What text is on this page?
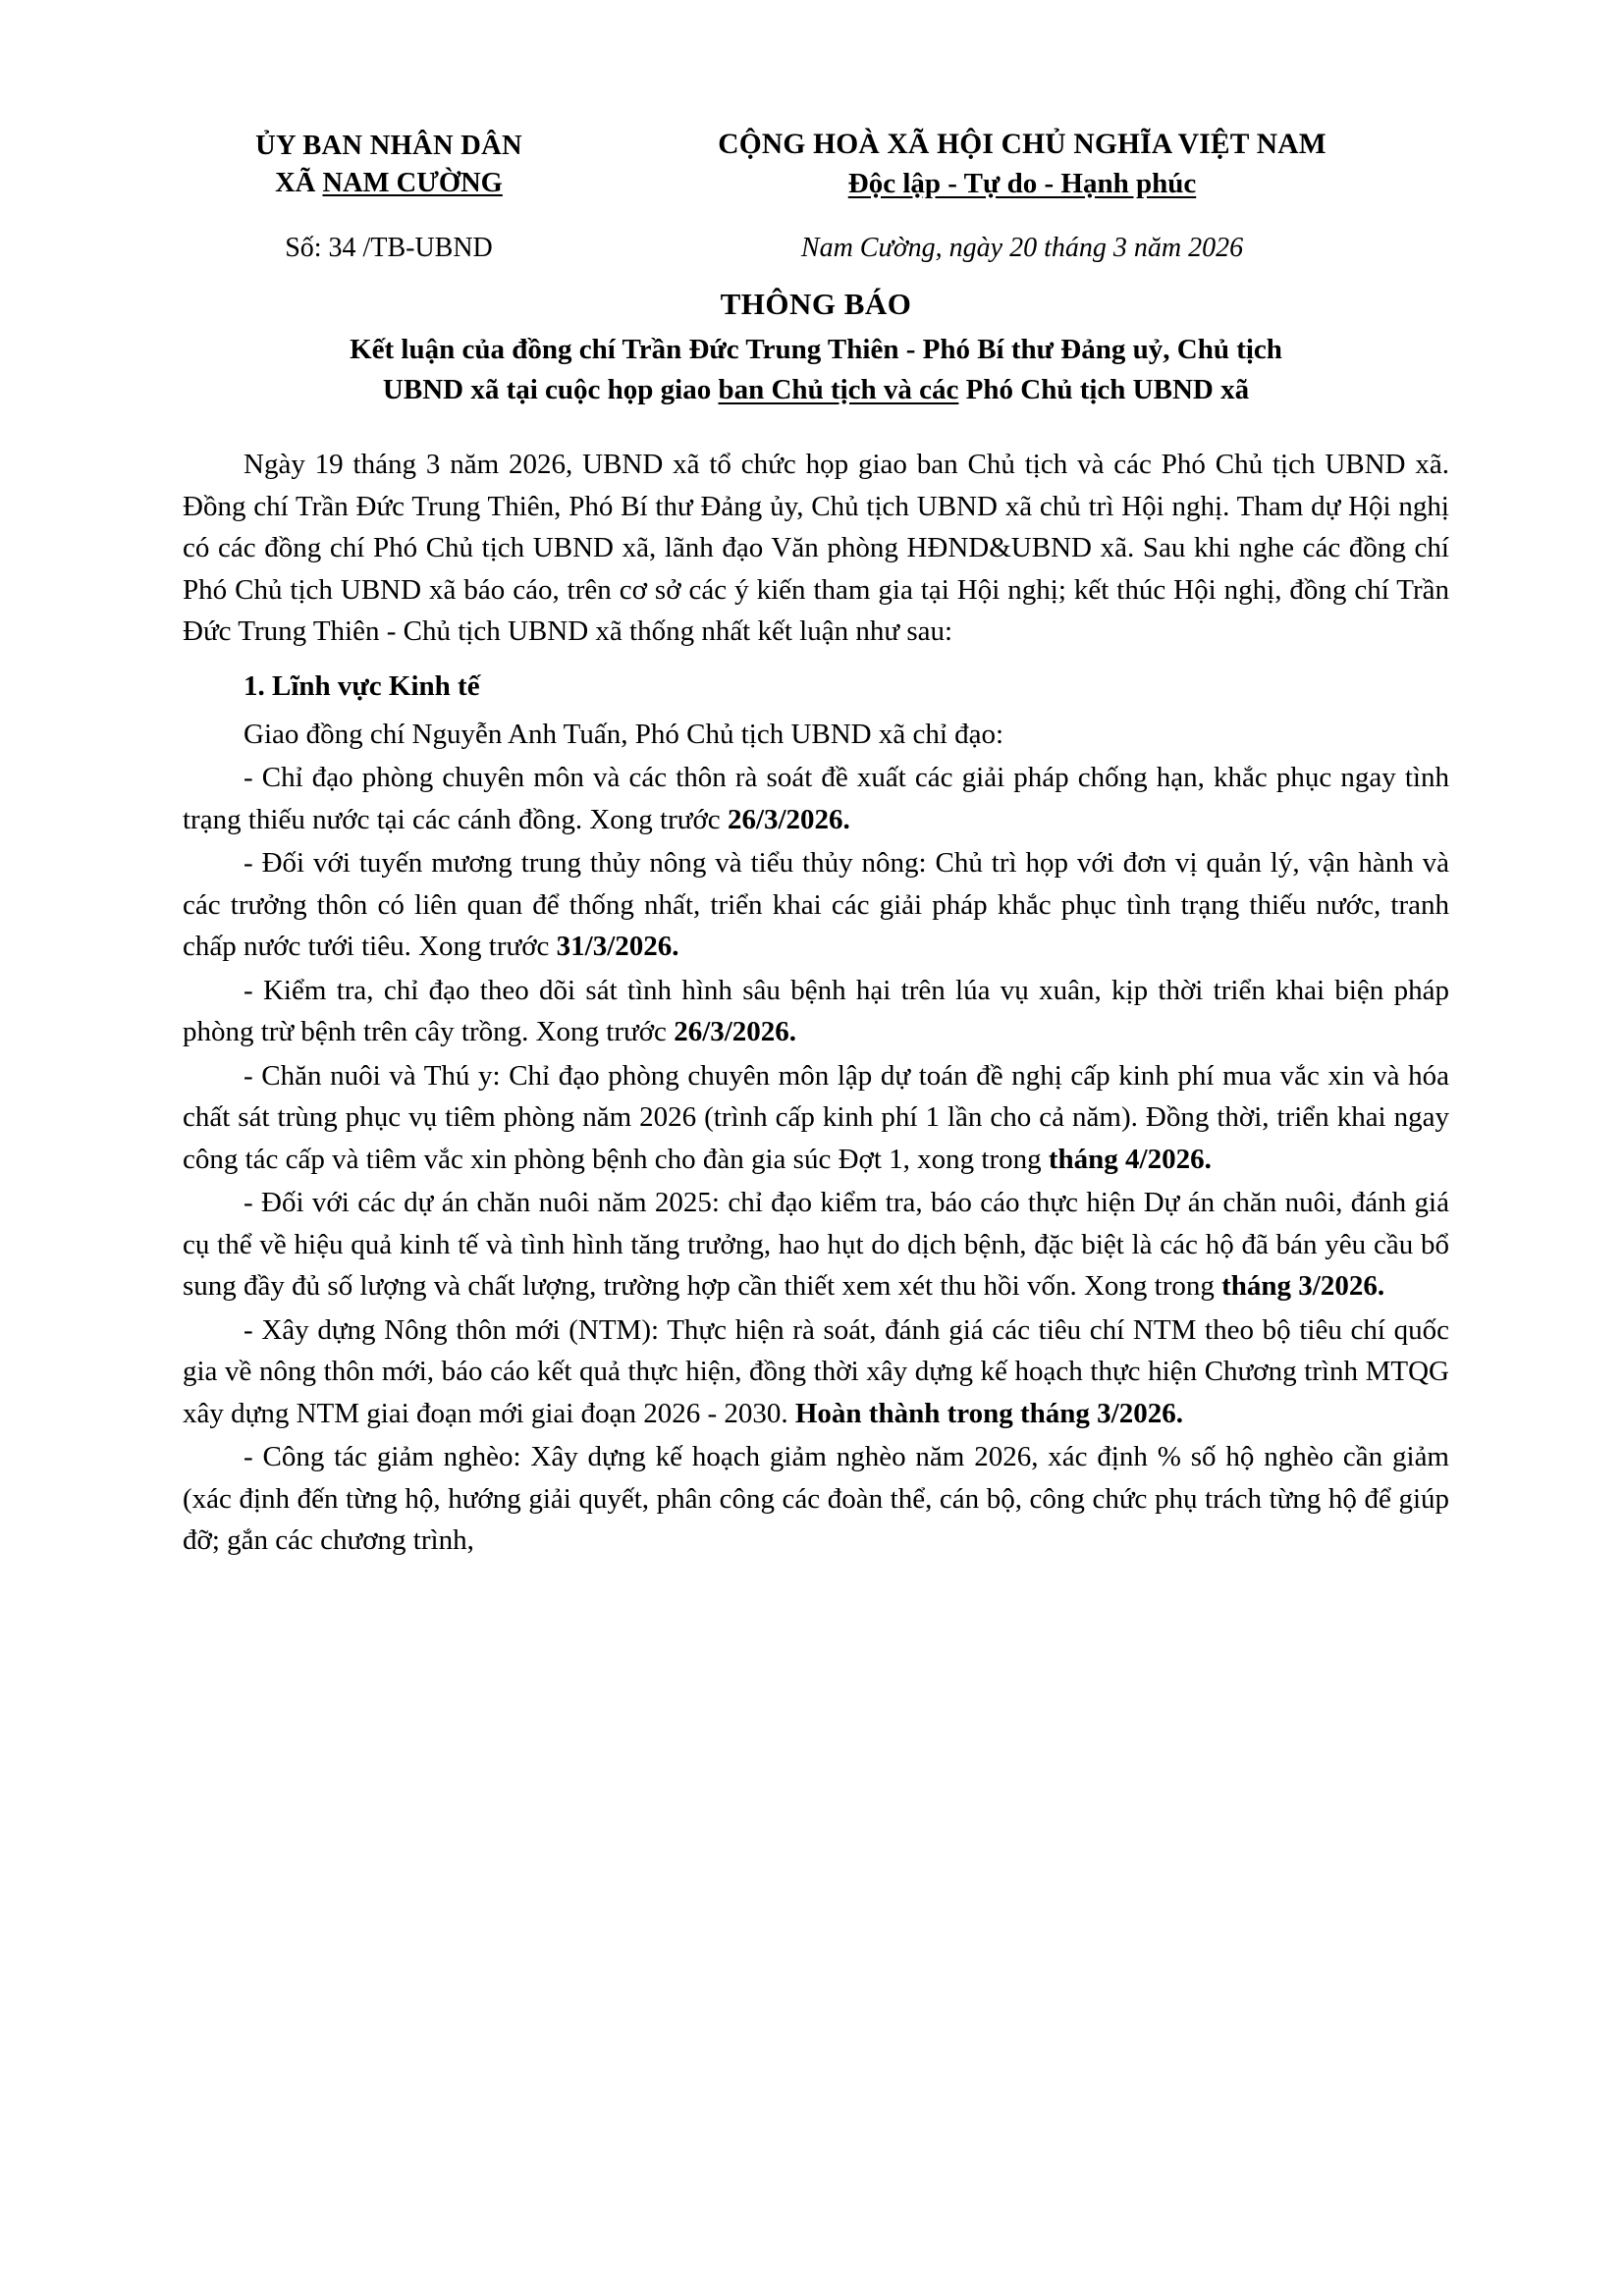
ỦY BAN NHÂN DÂN
XÃ NAM CƯỜNG
CỘNG HOÀ XÃ HỘI CHỦ NGHĨA VIỆT NAM
Độc lập - Tự do - Hạnh phúc
Số: 34 /TB-UBND	Nam Cường, ngày 20 tháng 3 năm 2026
THÔNG BÁO
Kết luận của đồng chí Trần Đức Trung Thiên - Phó Bí thư Đảng uỷ, Chủ tịch
UBND xã tại cuộc họp giao ban Chủ tịch và các Phó Chủ tịch UBND xã

Ngày 19 tháng 3 năm 2026, UBND xã tổ chức họp giao ban Chủ tịch và các Phó Chủ tịch UBND xã. Đồng chí Trần Đức Trung Thiên, Phó Bí thư Đảng ủy, Chủ tịch UBND xã chủ trì Hội nghị. Tham dự Hội nghị có các đồng chí Phó Chủ tịch UBND xã, lãnh đạo Văn phòng HĐND&UBND xã. Sau khi nghe các đồng chí Phó Chủ tịch UBND xã báo cáo, trên cơ sở các ý kiến tham gia tại Hội nghị; kết thúc Hội nghị, đồng chí Trần Đức Trung Thiên - Chủ tịch UBND xã thống nhất kết luận như sau:

1. Lĩnh vực Kinh tế

Giao đồng chí Nguyễn Anh Tuấn, Phó Chủ tịch UBND xã chỉ đạo:

- Chỉ đạo phòng chuyên môn và các thôn rà soát đề xuất các giải pháp chống hạn, khắc phục ngay tình trạng thiếu nước tại các cánh đồng. Xong trước 26/3/2026.

- Đối với tuyến mương trung thủy nông và tiểu thủy nông: Chủ trì họp với đơn vị quản lý, vận hành và các trưởng thôn có liên quan để thống nhất, triển khai các giải pháp khắc phục tình trạng thiếu nước, tranh chấp nước tưới tiêu. Xong trước 31/3/2026.

- Kiểm tra, chỉ đạo theo dõi sát tình hình sâu bệnh hại trên lúa vụ xuân, kịp thời triển khai biện pháp phòng trừ bệnh trên cây trồng. Xong trước 26/3/2026.

- Chăn nuôi và Thú y: Chỉ đạo phòng chuyên môn lập dự toán đề nghị cấp kinh phí mua vắc xin và hóa chất sát trùng phục vụ tiêm phòng năm 2026 (trình cấp kinh phí 1 lần cho cả năm). Đồng thời, triển khai ngay công tác cấp và tiêm vắc xin phòng bệnh cho đàn gia súc Đợt 1, xong trong tháng 4/2026.

- Đối với các dự án chăn nuôi năm 2025: chỉ đạo kiểm tra, báo cáo thực hiện Dự án chăn nuôi, đánh giá cụ thể về hiệu quả kinh tế và tình hình tăng trưởng, hao hụt do dịch bệnh, đặc biệt là các hộ đã bán yêu cầu bổ sung đầy đủ số lượng và chất lượng, trường hợp cần thiết xem xét thu hồi vốn. Xong trong tháng 3/2026.

- Xây dựng Nông thôn mới (NTM): Thực hiện rà soát, đánh giá các tiêu chí NTM theo bộ tiêu chí quốc gia về nông thôn mới, báo cáo kết quả thực hiện, đồng thời xây dựng kế hoạch thực hiện Chương trình MTQG xây dựng NTM giai đoạn mới giai đoạn 2026 - 2030. Hoàn thành trong tháng 3/2026.

- Công tác giảm nghèo: Xây dựng kế hoạch giảm nghèo năm 2026, xác định % số hộ nghèo cần giảm (xác định đến từng hộ, hướng giải quyết, phân công các đoàn thể, cán bộ, công chức phụ trách từng hộ để giúp đỡ; gắn các chương trình,
